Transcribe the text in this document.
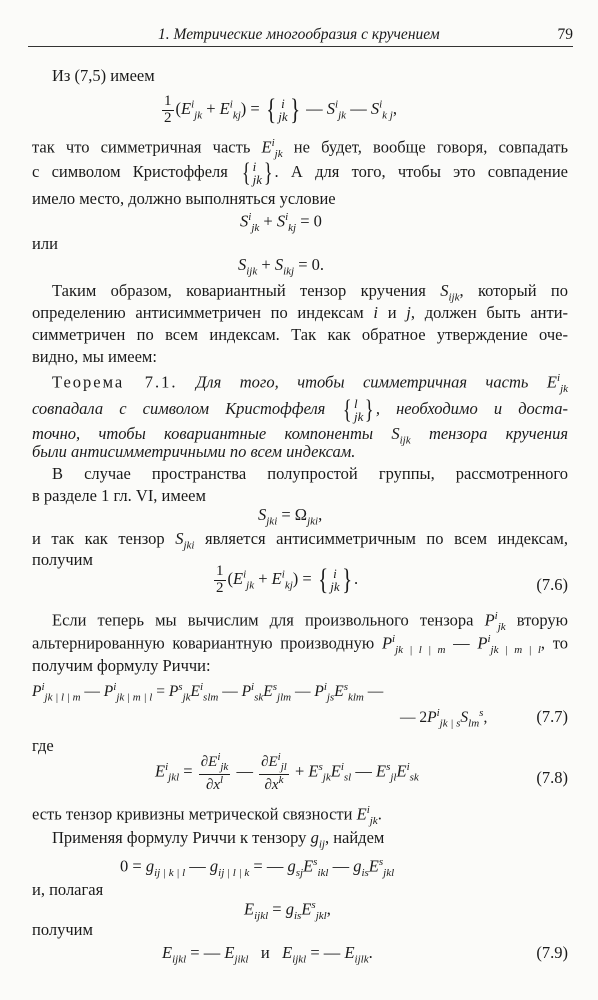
1. Метрические многообразия с кручением	79
Из (7,5) имеем
$\frac{1}{2} (E^i_{jk} + E^i_{kj})$ = { i
jk } — $S^i_{jk}$ — $S^i_{k j}$,
так что симметричная часть $E^i_{jk}$ не будет, вообще говоря, совпадать
с символом Кристоффеля { i
jk } . А для того, чтобы это совпадение
имело место, должно выполняться условие
$S^i_{jk} + S^i_{kj} = 0$
или
$S_{ijk} + S_{ikj} = 0$.
Таким образом, ковариантный тензор кручения $S_{ijk}$, который по
определению антисимметричен по индексам i и j, должен быть анти-
симметричен по всем индексам. Так как обратное утверждение оче-
видно, мы имеем:
Теорема 7.1. Для того, чтобы симметричная часть $E^i_{jk}$
совпадала с символом Кристоффеля { l
jk } , необходимо и доста-
точно, чтобы ковариантные компоненты $S_{ijk}$ тензора кручения
были антисимметричными по всем индексам.
В случае пространства полупростой группы, рассмотренного
в разделе 1 гл. VI, имеем
$S_{jki} = \Omega_{jki}$,
и так как тензор $S_{jki}$ является антисимметричным по всем индексам,
получим
$\frac{1}{2} (E^i_{jk} + E^i_{kj})$ = { i
jk } .	(7.6)
Если теперь мы вычислим для произвольного тензора $P^i_{jk}$ вторую
альтернированную ковариантную производную $P^i_{jk | l | m}$ — $P^i_{jk | m | l}$, то
получим формулу Риччи:
$P^i_{jk | l | m}$ — $P^i_{jk | m | l} = P^s_{jk}E^i_{slm}$ — $P^i_{sk}E^s_{jlm}$ — $P^i_{js}E^s_{klm}$ —
— $2P^i_{jk | s}S_{lm}^s$,	(7.7)
где
$E^i_{jkl} = \frac{\partial E^i_{jk}}{\partial x^l}$ — $\frac{\partial E^i_{jl}}{\partial x^k} + E^s_{jk}E^i_{sl}$ — $E^s_{jl}E^i_{sk}$	(7.8)
есть тензор кривизны метрической связности $E^i_{jk}$.
Применяя формулу Риччи к тензору $g_{ij}$, найдем
$0 = g_{ij | k | l}$ — $g_{ij | l | k}$ = — $g_{sj}E^s_{ikl}$ — $g_{is}E^s_{jkl}$
и, полагая
$E_{ijkl} = g_{is}E^s_{jkl}$,
получим
$E_{ijkl}$ = — $E_{jikl}$ и $E_{ijkl}$ = — $E_{ijlk}$.	(7.9)
